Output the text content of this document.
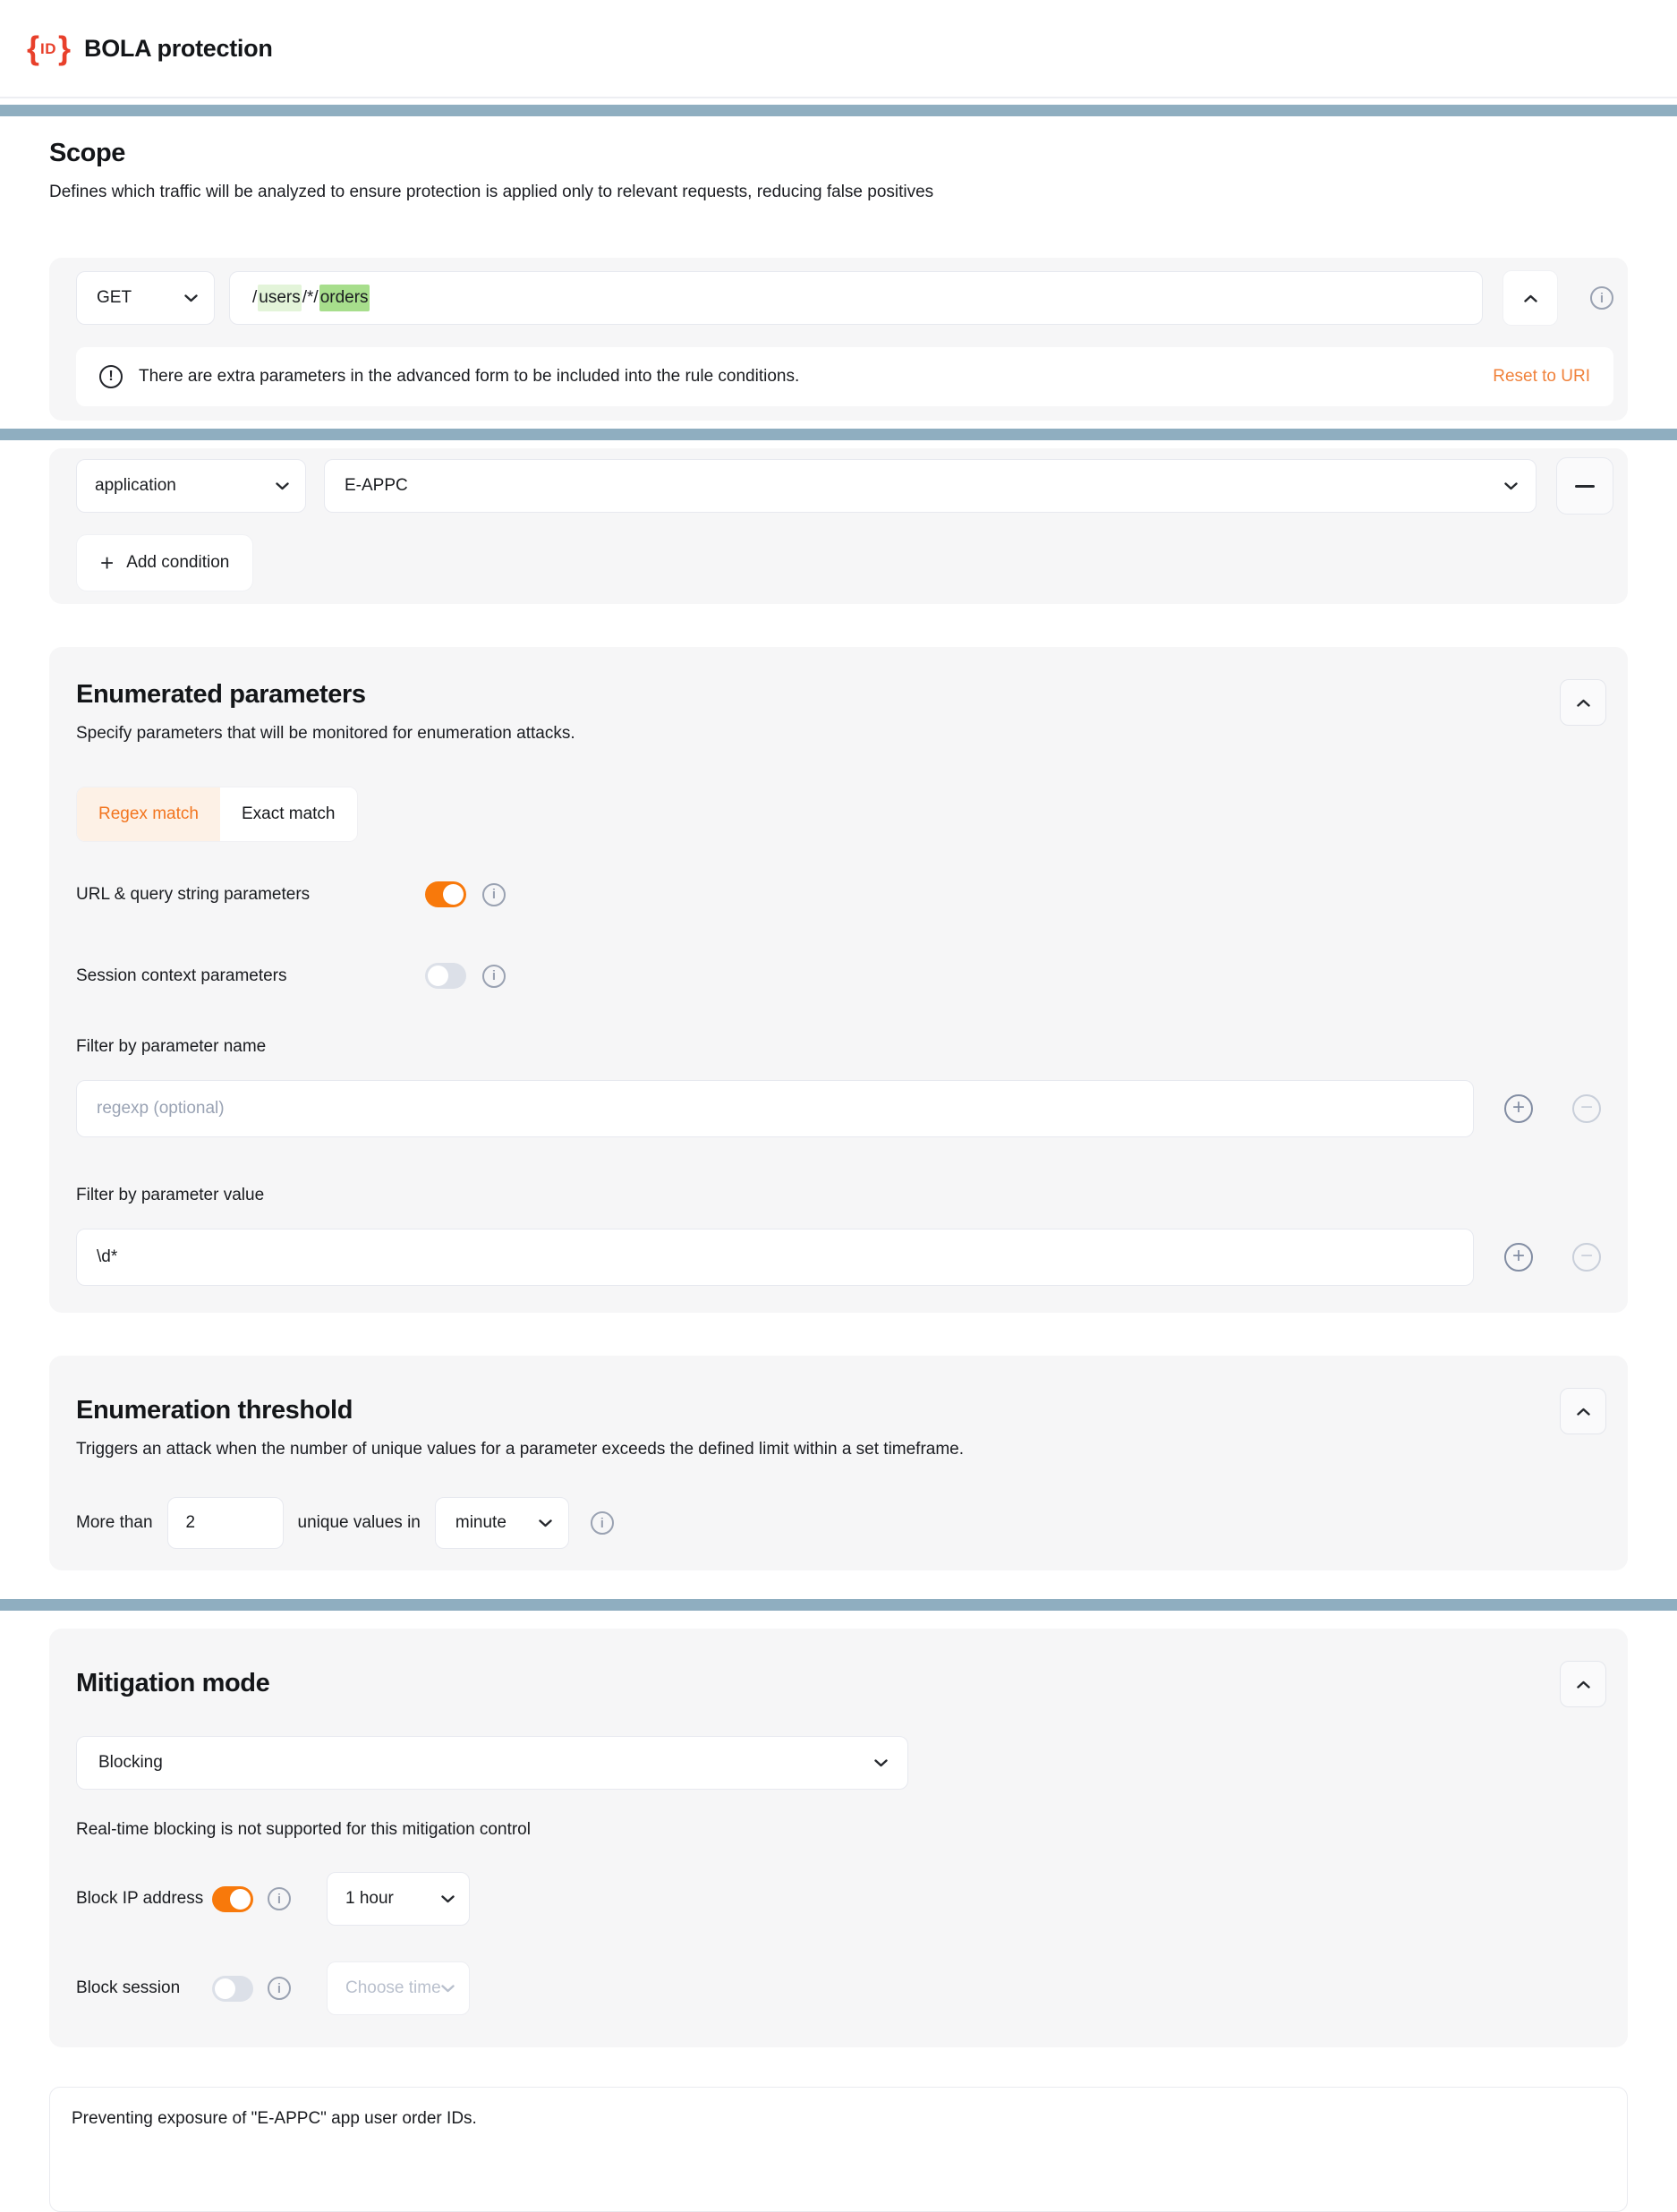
{ ID } BOLA protection
Scope

Defines which traffic will be analyzed to ensure protection is applied only to relevant requests, reducing false positives

GET	/ users /*/ orders
i
!
There are extra parameters in the advanced form to be included into the rule conditions.	Reset to URI
application	E-APPC
+
Add condition
Enumerated parameters

Specify parameters that will be monitored for enumeration attacks.

Regex match	Exact match
URL & query string parameters
i
Session context parameters
i
Filter by parameter name
regexp (optional)
+
−
Filter by parameter value
\d*
+
−
Enumeration threshold

Triggers an attack when the number of unique values for a parameter exceeds the defined limit within a set timeframe.

More than
2	unique values in minute
i
Mitigation mode
Blocking
Real-time blocking is not supported for this mitigation control
Block IP address i	1 hour
Block session i	Choose time
Preventing exposure of "E-APPC" app user order IDs.
